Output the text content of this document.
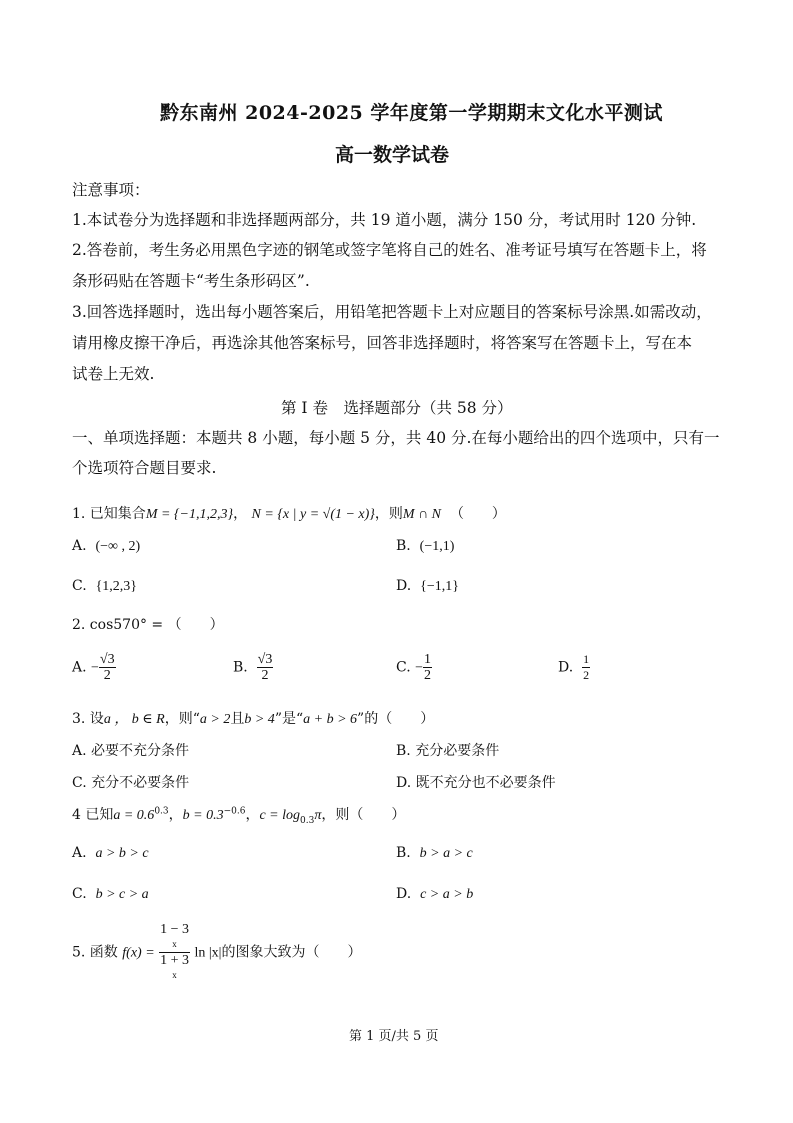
黔东南州 2024-2025 学年度第一学期期末文化水平测试
高一数学试卷
注意事项：
1.本试卷分为选择题和非选择题两部分，共 19 道小题，满分 150 分，考试用时 120 分钟.
2.答卷前，考生务必用黑色字迹的钢笔或签字笔将自己的姓名、准考证号填写在答题卡上，将
条形码贴在答题卡“考生条形码区”.
3.回答选择题时，选出每小题答案后，用铅笔把答题卡上对应题目的答案标号涂黑.如需改动，
请用橡皮擦干净后，再选涂其他答案标号，回答非选择题时，将答案写在答题卡上，写在本
试卷上无效.
第 I 卷　选择题部分（共 58 分）
一、单项选择题：本题共 8 小题，每小题 5 分，共 40 分.在每小题给出的四个选项中，只有一
个选项符合题目要求.
1. 已知集合M = {−1,1,2,3}， N = {x | y = √(1 − x)}，则M ∩ N （　　）
A. (−∞ , 2)	B. (−1,1)
C. {1,2,3}	D. {−1,1}
2. cos570° = （　　）
A. − $\frac{√3}{2}$	B. $\frac{√3}{2}$	C. − $\frac{1}{2}$	D. $\frac{1}{2}$
3. 设a ， b ∈ R，则“a > 2且b > 4”是“a + b > 6”的（　　）
A. 必要不充分条件	B. 充分必要条件
C. 充分不必要条件	D. 既不充分也不必要条件
4 已知$a = 0.6^{0.3}$，$b = 0.3^{-0.6}$，$c = \log_{0.3}\pi$，则（　　）
A. a > b > c	B. b > a > c
C. b > c > a	D. c > a > b
5. 函数 f(x) = 1 − 3
x
1 + 3
x ln |x|的图象大致为（　　）
第 1 页/共 5 页
